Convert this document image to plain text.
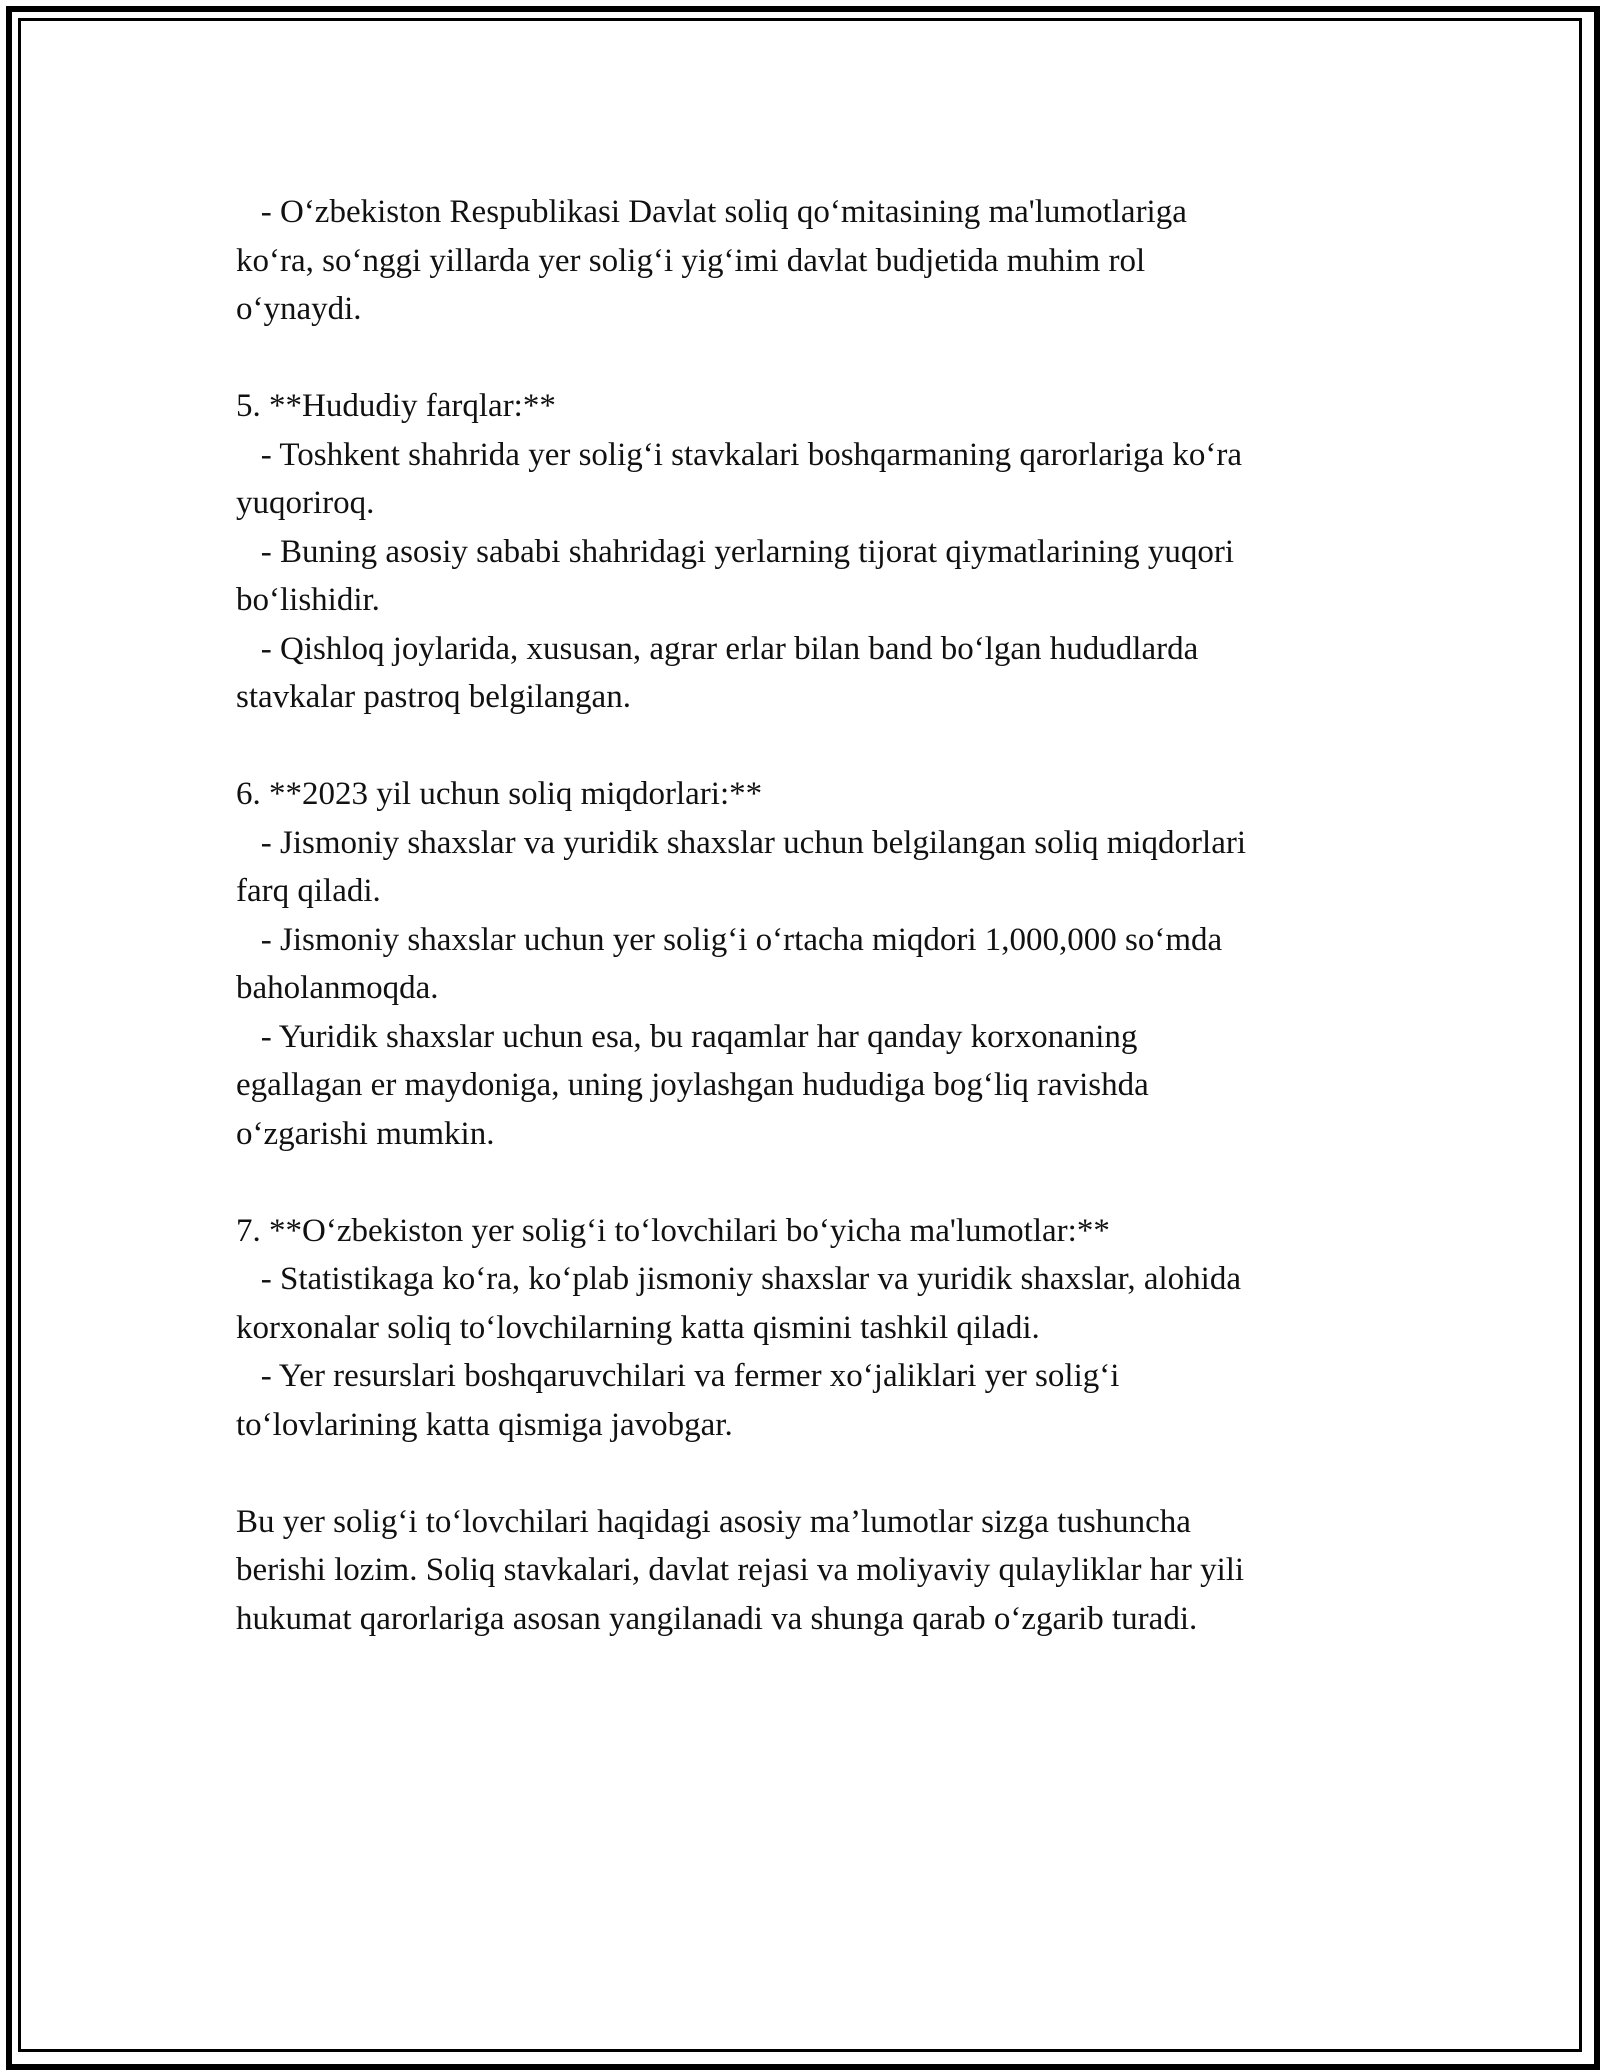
- O‘zbekiston Respublikasi Davlat soliq qo‘mitasining ma'lumotlariga
ko‘ra, so‘nggi yillarda yer solig‘i yig‘imi davlat budjetida muhim rol
o‘ynaydi.
5. **Hududiy farqlar:**
- Toshkent shahrida yer solig‘i stavkalari boshqarmaning qarorlariga ko‘ra
yuqoriroq.
- Buning asosiy sababi shahridagi yerlarning tijorat qiymatlarining yuqori
bo‘lishidir.
- Qishloq joylarida, xususan, agrar erlar bilan band bo‘lgan hududlarda
stavkalar pastroq belgilangan.
6. **2023 yil uchun soliq miqdorlari:**
- Jismoniy shaxslar va yuridik shaxslar uchun belgilangan soliq miqdorlari
farq qiladi.
- Jismoniy shaxslar uchun yer solig‘i o‘rtacha miqdori 1,000,000 so‘mda
baholanmoqda.
- Yuridik shaxslar uchun esa, bu raqamlar har qanday korxonaning
egallagan er maydoniga, uning joylashgan hududiga bog‘liq ravishda
o‘zgarishi mumkin.
7. **O‘zbekiston yer solig‘i to‘lovchilari bo‘yicha ma'lumotlar:**
- Statistikaga ko‘ra, ko‘plab jismoniy shaxslar va yuridik shaxslar, alohida
korxonalar soliq to‘lovchilarning katta qismini tashkil qiladi.
- Yer resurslari boshqaruvchilari va fermer xo‘jaliklari yer solig‘i
to‘lovlarining katta qismiga javobgar.
Bu yer solig‘i to‘lovchilari haqidagi asosiy ma’lumotlar sizga tushuncha
berishi lozim. Soliq stavkalari, davlat rejasi va moliyaviy qulayliklar har yili
hukumat qarorlariga asosan yangilanadi va shunga qarab o‘zgarib turadi.
